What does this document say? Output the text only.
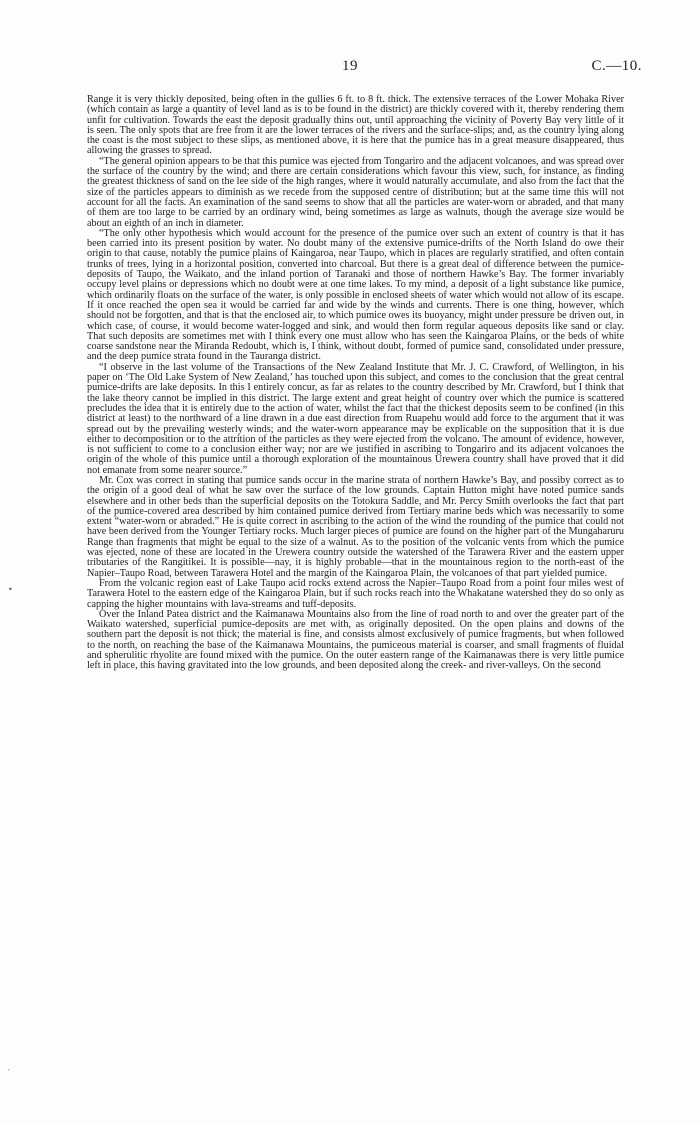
19	C.—10.

Range it is very thickly deposited, being often in the gullies 6 ft. to 8 ft. thick. The extensive terraces of the Lower Mohaka River (which contain as large a quantity of level land as is to be found in the district) are thickly covered with it, thereby rendering them unfit for cultivation. Towards the east the deposit gradually thins out, until approaching the vicinity of Poverty Bay very little of it is seen. The only spots that are free from it are the lower terraces of the rivers and the surface-slips; and, as the country lying along the coast is the most subject to these slips, as mentioned above, it is here that the pumice has in a great measure disappeared, thus allowing the grasses to spread.

“The general opinion appears to be that this pumice was ejected from Tongariro and the adjacent volcanoes, and was spread over the surface of the country by the wind; and there are certain considerations which favour this view, such, for instance, as finding the greatest thickness of sand on the lee side of the high ranges, where it would naturally accumulate, and also from the fact that the size of the particles appears to diminish as we recede from the supposed centre of distribution; but at the same time this will not account for all the facts. An examination of the sand seems to show that all the particles are water-worn or abraded, and that many of them are too large to be carried by an ordinary wind, being sometimes as large as walnuts, though the average size would be about an eighth of an inch in diameter.

“The only other hypothesis which would account for the presence of the pumice over such an extent of country is that it has been carried into its present position by water. No doubt many of the extensive pumice-drifts of the North Island do owe their origin to that cause, notably the pumice plains of Kaingaroa, near Taupo, which in places are regularly stratified, and often contain trunks of trees, lying in a horizontal position, converted into charcoal. But there is a great deal of difference between the pumice-deposits of Taupo, the Waikato, and the inland portion of Taranaki and those of northern Hawke’s Bay. The former invariably occupy level plains or depressions which no doubt were at one time lakes. To my mind, a deposit of a light substance like pumice, which ordinarily floats on the surface of the water, is only possible in enclosed sheets of water which would not allow of its escape. If it once reached the open sea it would be carried far and wide by the winds and currents. There is one thing, however, which should not be forgotten, and that is that the enclosed air, to which pumice owes its buoyancy, might under pressure be driven out, in which case, of course, it would become water-logged and sink, and would then form regular aqueous deposits like sand or clay. That such deposits are sometimes met with I think every one must allow who has seen the Kaingaroa Plains, or the beds of white coarse sandstone near the Miranda Redoubt, which is, I think, without doubt, formed of pumice sand, consolidated under pressure, and the deep pumice strata found in the Tauranga district.

“I observe in the last volume of the Transactions of the New Zealand Institute that Mr. J. C. Crawford, of Wellington, in his paper on ‘The Old Lake System of New Zealand,’ has touched upon this subject, and comes to the conclusion that the great central pumice-drifts are lake deposits. In this I entirely concur, as far as relates to the country described by Mr. Crawford, but I think that the lake theory cannot be implied in this district. The large extent and great height of country over which the pumice is scattered precludes the idea that it is entirely due to the action of water, whilst the fact that the thickest deposits seem to be confined (in this district at least) to the northward of a line drawn in a due east direction from Ruapehu would add force to the argument that it was spread out by the prevailing westerly winds; and the water-worn appearance may be explicable on the supposition that it is due either to decomposition or to the attrition of the particles as they were ejected from the volcano. The amount of evidence, however, is not sufficient to come to a conclusion either way; nor are we justified in ascribing to Tongariro and its adjacent volcanoes the origin of the whole of this pumice until a thorough exploration of the mountainous Urewera country shall have proved that it did not emanate from some nearer source.”

Mr. Cox was correct in stating that pumice sands occur in the marine strata of northern Hawke’s Bay, and possiby correct as to the origin of a good deal of what he saw over the surface of the low grounds. Captain Hutton might have noted pumice sands elsewhere and in other beds than the superficial deposits on the Totokura Saddle, and Mr. Percy Smith overlooks the fact that part of the pumice-covered area described by him contained pumice derived from Tertiary marine beds which was necessarily to some extent “water-worn or abraded.” He is quite correct in ascribing to the action of the wind the rounding of the pumice that could not have been derived from the Younger Tertiary rocks. Much larger pieces of pumice are found on the higher part of the Mungaharuru Range than fragments that might be equal to the size of a walnut. As to the position of the volcanic vents from which the pumice was ejected, none of these are located in the Urewera country outside the watershed of the Tarawera River and the eastern upper tributaries of the Rangitikei. It is possible—nay, it is highly probable—that in the mountainous region to the north-east of the Napier–Taupo Road, between Tarawera Hotel and the margin of the Kaingaroa Plain, the volcanoes of that part yielded pumice.

From the volcanic region east of Lake Taupo acid rocks extend across the Napier–Taupo Road from a point four miles west of Tarawera Hotel to the eastern edge of the Kaingaroa Plain, but if such rocks reach into the Whakatane watershed they do so only as capping the higher mountains with lava-streams and tuff-deposits.

Over the Inland Patea district and the Kaimanawa Mountains also from the line of road north to and over the greater part of the Waikato watershed, superficial pumice-deposits are met with, as originally deposited. On the open plains and downs of the southern part the deposit is not thick; the material is fine, and consists almost exclusively of pumice fragments, but when followed to the north, on reaching the base of the Kaimanawa Mountains, the pumiceous material is coarser, and small fragments of fluidal and spherulitic rhyolite are found mixed with the pumice. On the outer eastern range of the Kaimanawas there is very little pumice left in place, this having gravitated into the low grounds, and been deposited along the creek- and river-valleys. On the second

•
′
